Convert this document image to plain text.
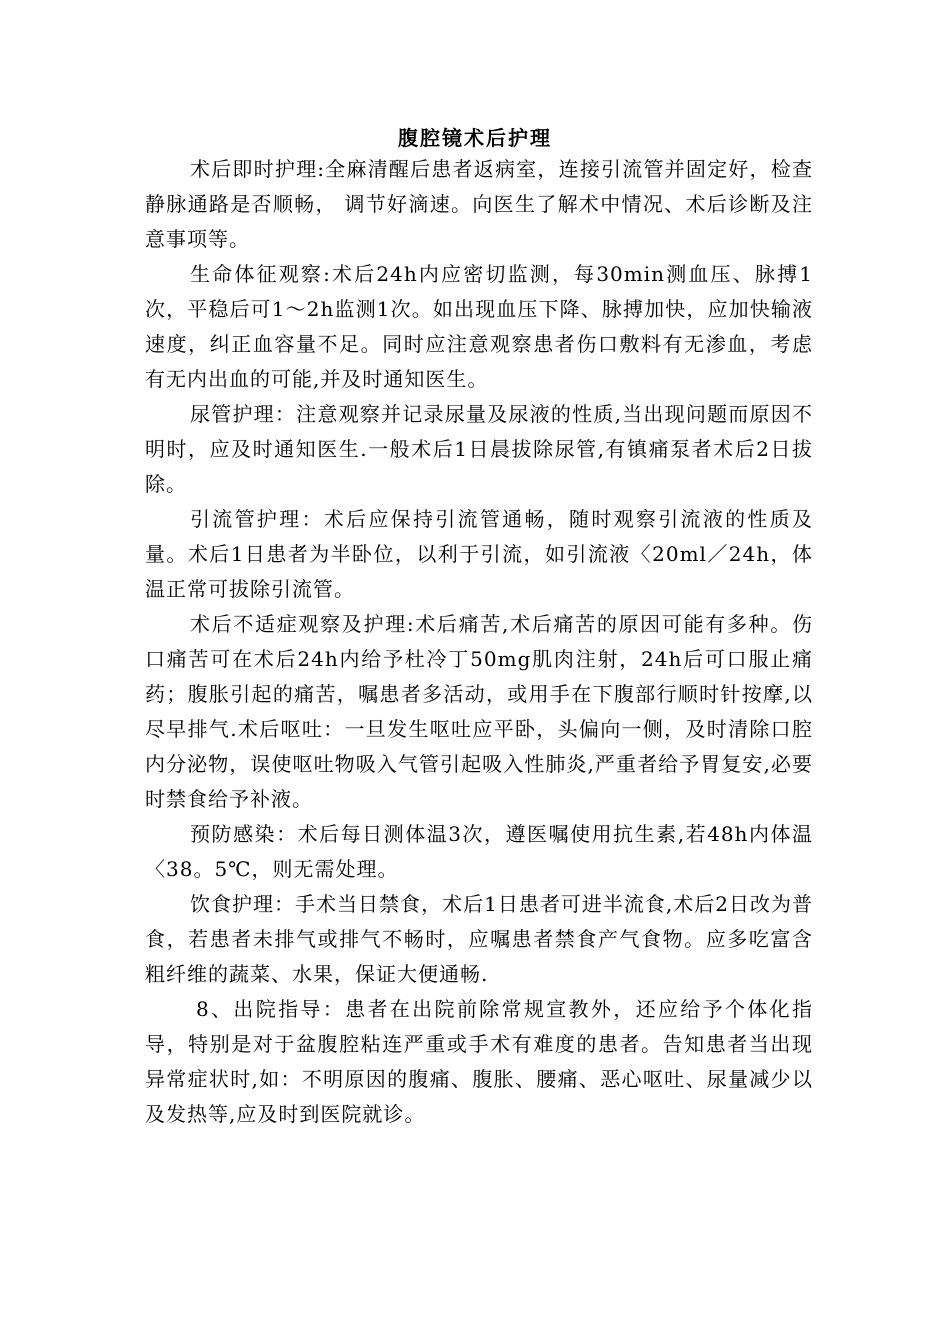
腹腔镜术后护理

术后即时护理:全麻清醒后患者返病室，连接引流管并固定好，检查静脉通路是否顺畅， 调节好滴速。向医生了解术中情况、术后诊断及注意事项等。

生命体征观察:术后24h内应密切监测，每30min测血压、脉搏1次，平稳后可1～2h监测1次。如出现血压下降、脉搏加快，应加快输液速度，纠正血容量不足。同时应注意观察患者伤口敷料有无渗血，考虑有无内出血的可能,并及时通知医生。

尿管护理：注意观察并记录尿量及尿液的性质,当出现问题而原因不明时，应及时通知医生.一般术后1日晨拔除尿管,有镇痛泵者术后2日拔除。

引流管护理：术后应保持引流管通畅，随时观察引流液的性质及量。术后1日患者为半卧位，以利于引流，如引流液〈20ml／24h，体温正常可拔除引流管。

术后不适症观察及护理:术后痛苦,术后痛苦的原因可能有多种。伤口痛苦可在术后24h内给予杜冷丁50mg肌肉注射，24h后可口服止痛药；腹胀引起的痛苦，嘱患者多活动，或用手在下腹部行顺时针按摩,以尽早排气.术后呕吐：一旦发生呕吐应平卧，头偏向一侧，及时清除口腔内分泌物，误使呕吐物吸入气管引起吸入性肺炎,严重者给予胃复安,必要时禁食给予补液。

预防感染：术后每日测体温3次，遵医嘱使用抗生素,若48h内体温〈38。5℃，则无需处理。

饮食护理：手术当日禁食，术后1日患者可进半流食,术后2日改为普食，若患者未排气或排气不畅时，应嘱患者禁食产气食物。应多吃富含粗纤维的蔬菜、水果，保证大便通畅.

8、出院指导：患者在出院前除常规宣教外，还应给予个体化指导，特别是对于盆腹腔粘连严重或手术有难度的患者。告知患者当出现异常症状时,如：不明原因的腹痛、腹胀、腰痛、恶心呕吐、尿量减少以及发热等,应及时到医院就诊。
